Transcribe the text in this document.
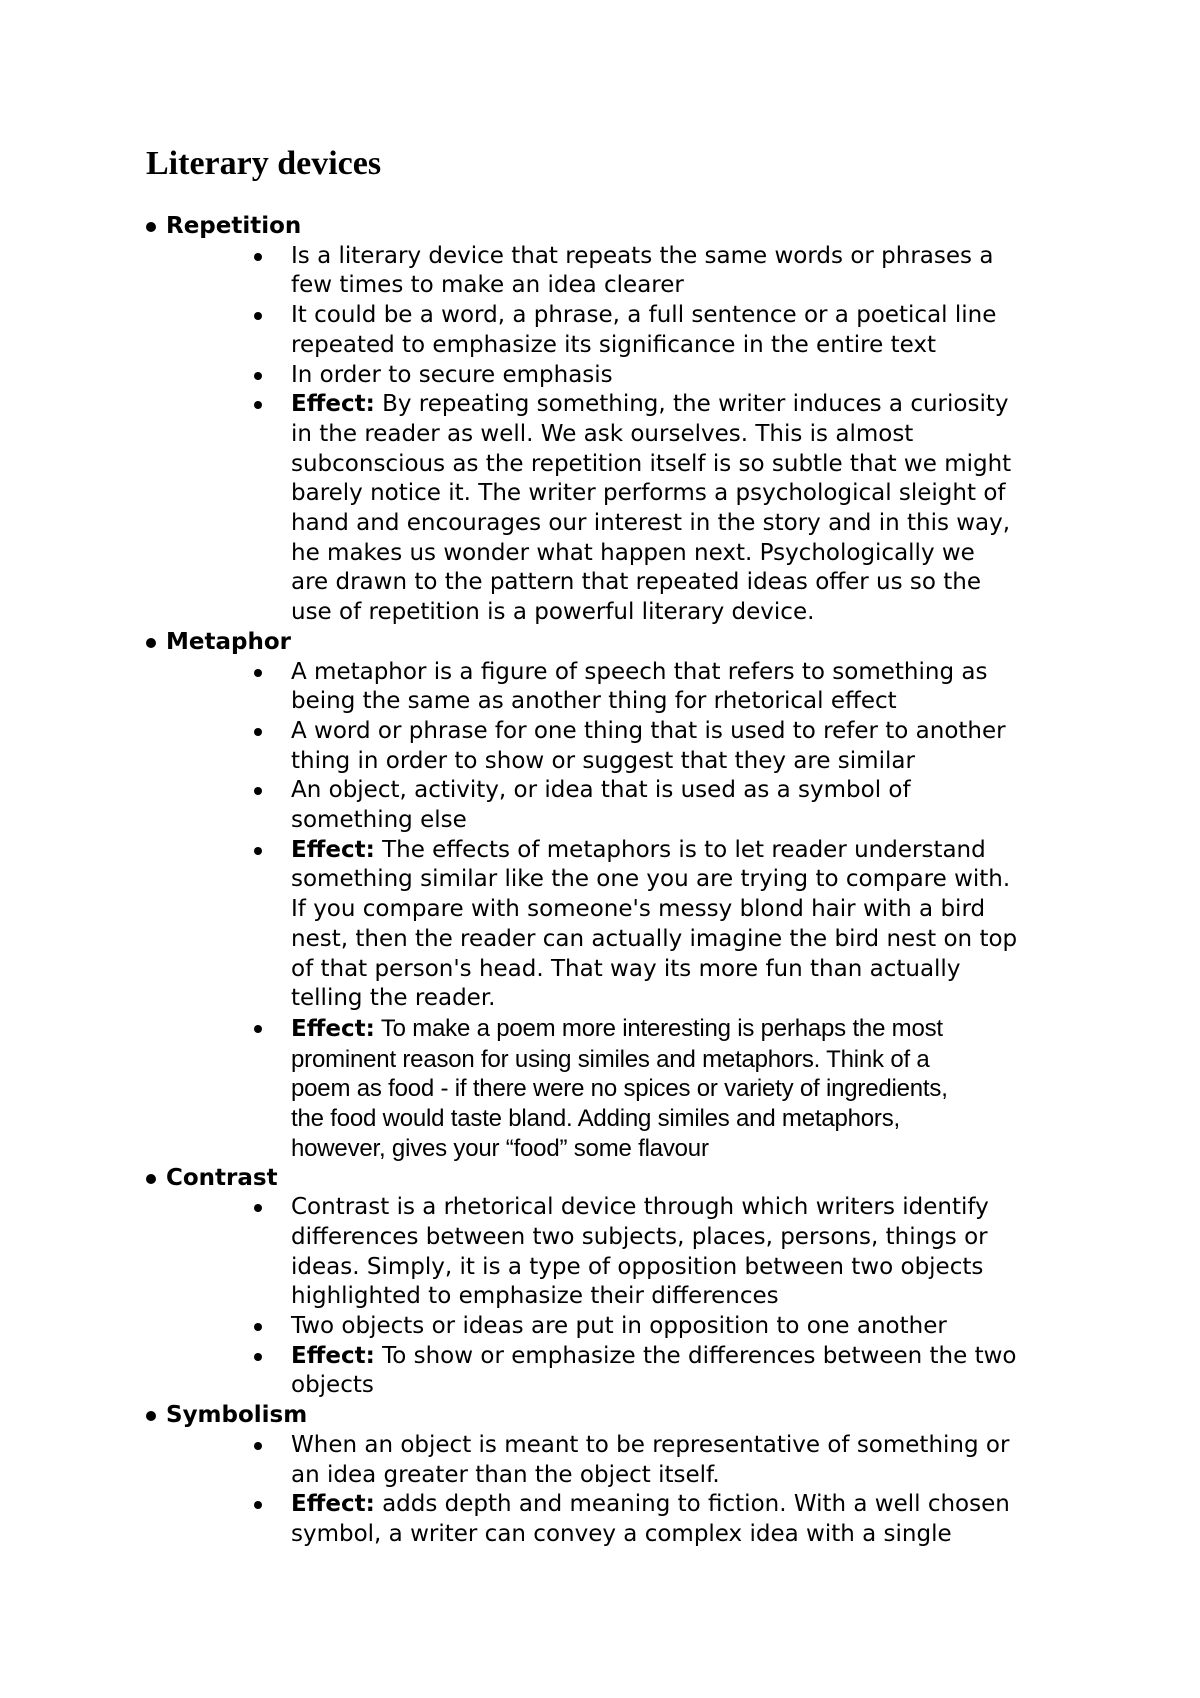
Literary devices
Repetition
Is a literary device that repeats the same words or phrases a
few times to make an idea clearer
It could be a word, a phrase, a full sentence or a poetical line
repeated to emphasize its significance in the entire text
In order to secure emphasis
Effect: By repeating something, the writer induces a curiosity
in the reader as well. We ask ourselves. This is almost
subconscious as the repetition itself is so subtle that we might
barely notice it. The writer performs a psychological sleight of
hand and encourages our interest in the story and in this way,
he makes us wonder what happen next. Psychologically we
are drawn to the pattern that repeated ideas offer us so the
use of repetition is a powerful literary device.
Metaphor
A metaphor is a figure of speech that refers to something as
being the same as another thing for rhetorical effect
A word or phrase for one thing that is used to refer to another
thing in order to show or suggest that they are similar
An object, activity, or idea that is used as a symbol of
something else
Effect: The effects of metaphors is to let reader understand
something similar like the one you are trying to compare with.
If you compare with someone's messy blond hair with a bird
nest, then the reader can actually imagine the bird nest on top
of that person's head. That way its more fun than actually
telling the reader.
Effect: To make a poem more interesting is perhaps the most
prominent reason for using similes and metaphors. Think of a
poem as food - if there were no spices or variety of ingredients,
the food would taste bland. Adding similes and metaphors,
however, gives your “food” some flavour
Contrast
Contrast is a rhetorical device through which writers identify
differences between two subjects, places, persons, things or
ideas. Simply, it is a type of opposition between two objects
highlighted to emphasize their differences
Two objects or ideas are put in opposition to one another
Effect: To show or emphasize the differences between the two
objects
Symbolism
When an object is meant to be representative of something or
an idea greater than the object itself.
Effect: adds depth and meaning to fiction. With a well chosen
symbol, a writer can convey a complex idea with a single
